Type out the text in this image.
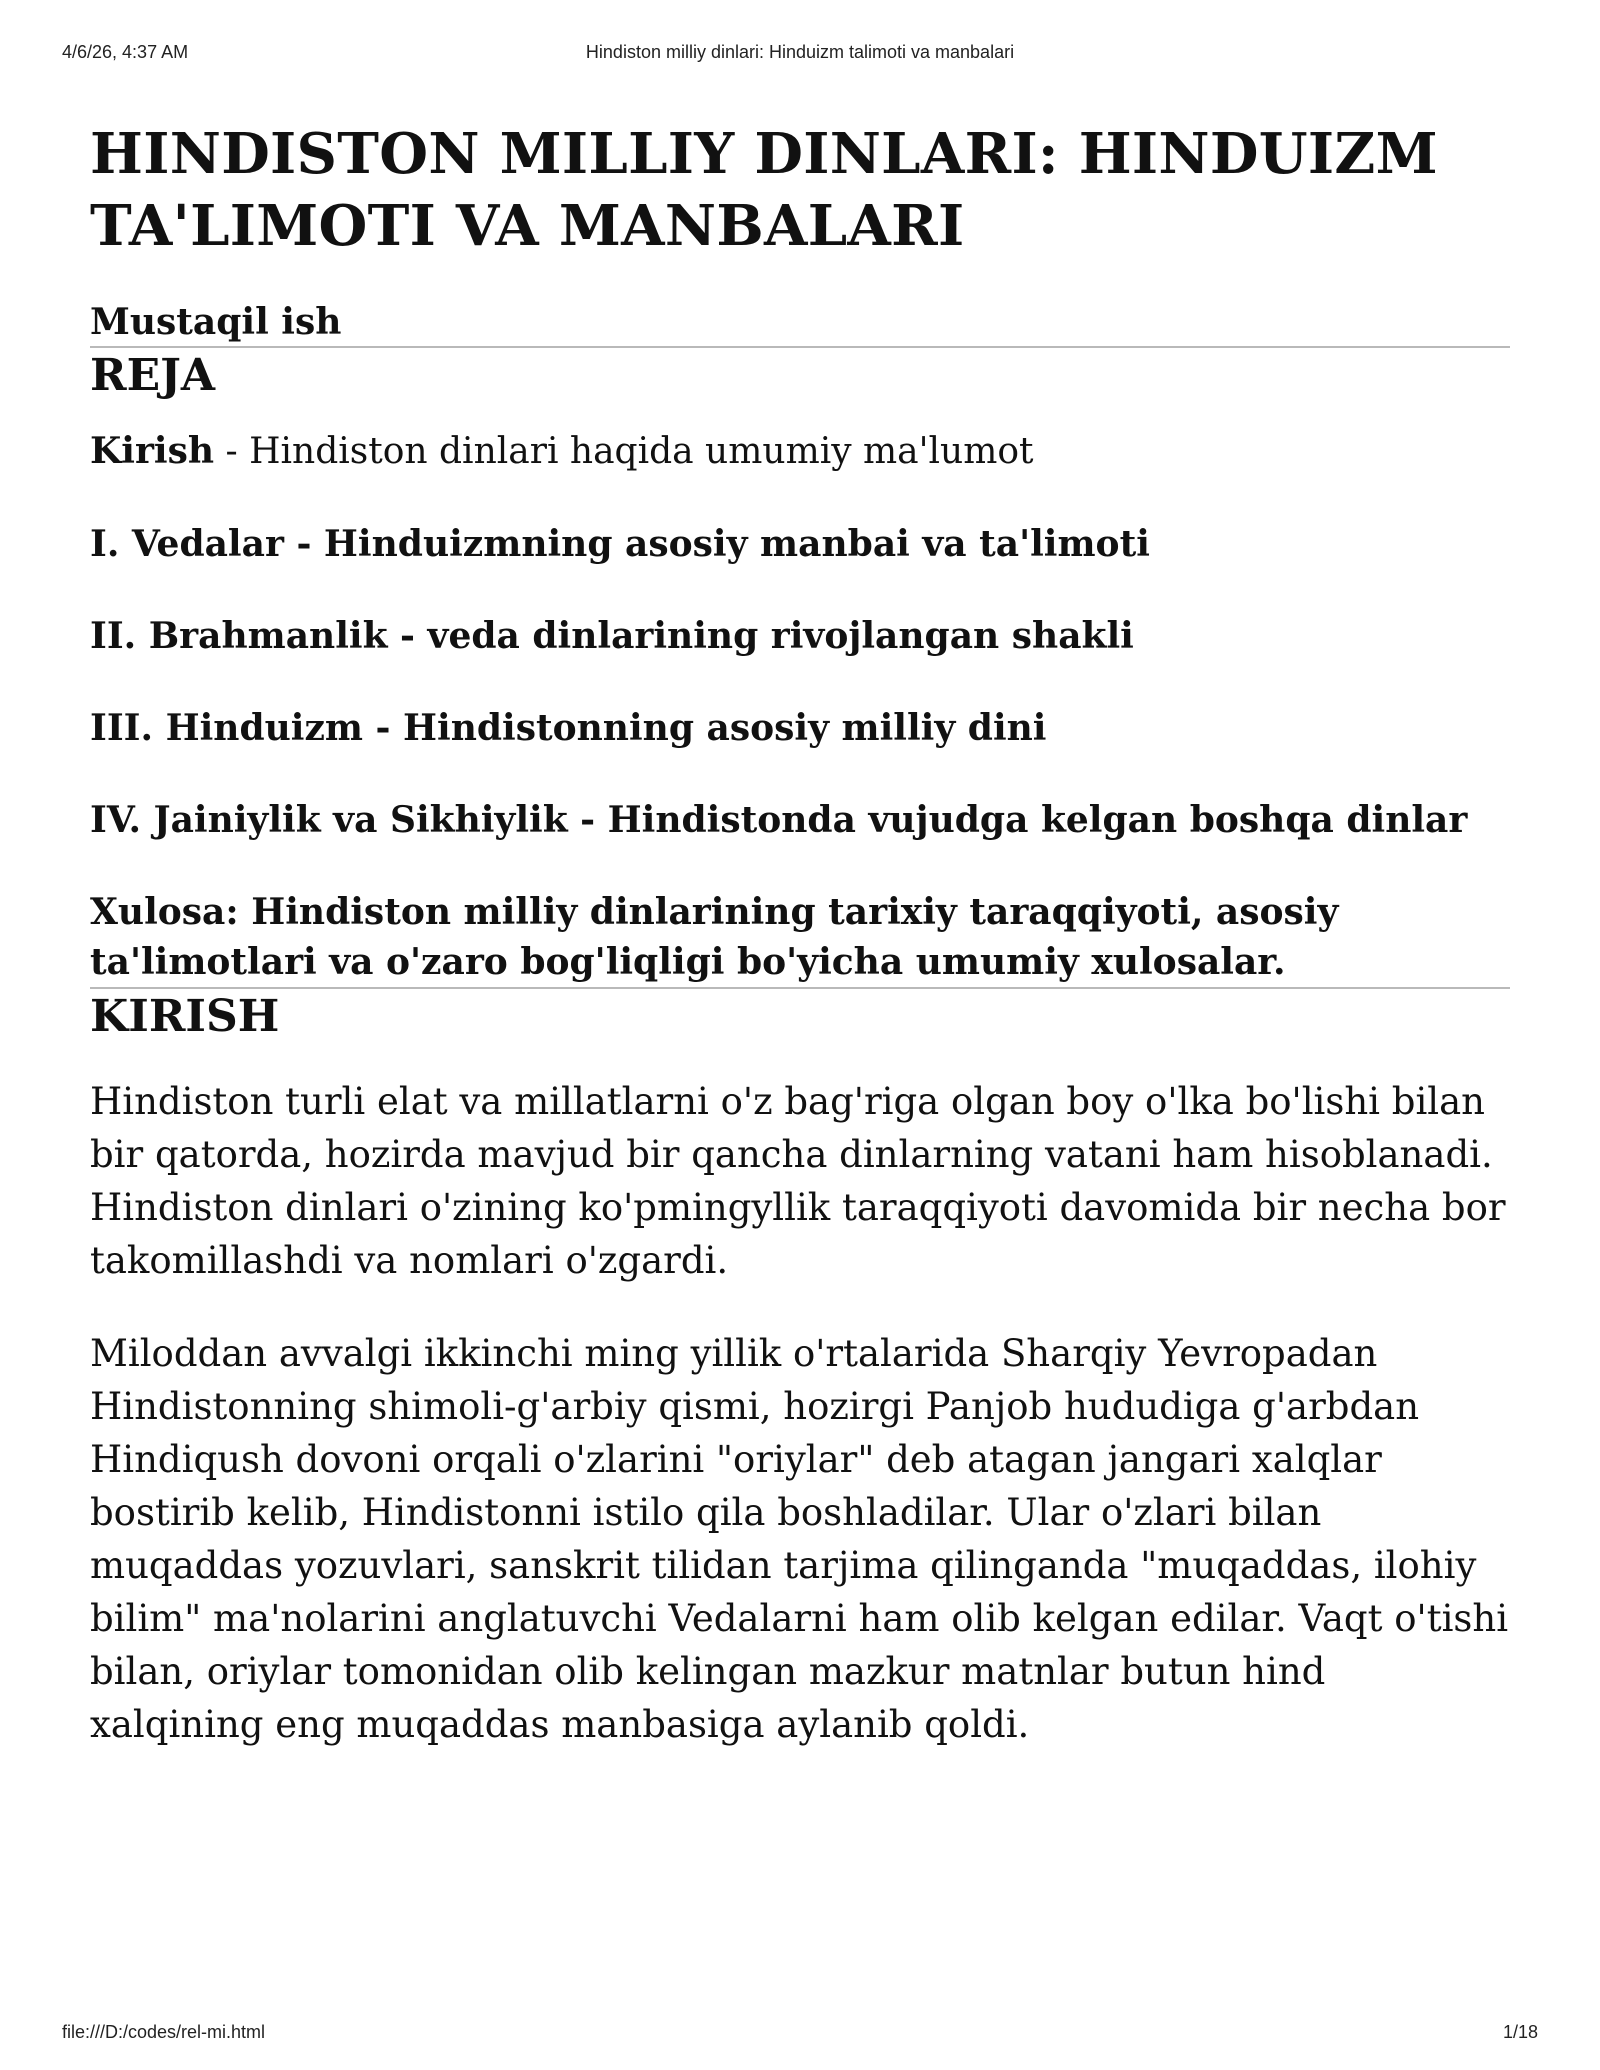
4/6/26, 4:37 AM	Hindiston milliy dinlari: Hinduizm talimoti va manbalari
HINDISTON MILLIY DINLARI: HINDUIZM TA'LIMOTI VA MANBALARI
Mustaqil ish
REJA
Kirish - Hindiston dinlari haqida umumiy ma'lumot
I. Vedalar - Hinduizmning asosiy manbai va ta'limoti
II. Brahmanlik - veda dinlarining rivojlangan shakli
III. Hinduizm - Hindistonning asosiy milliy dini
IV. Jainiylik va Sikhiylik - Hindistonda vujudga kelgan boshqa dinlar
Xulosa: Hindiston milliy dinlarining tarixiy taraqqiyoti, asosiy ta'limotlari va o'zaro bog'liqligi bo'yicha umumiy xulosalar.
KIRISH

Hindiston turli elat va millatlarni o'z bag'riga olgan boy o'lka bo'lishi bilan bir qatorda, hozirda mavjud bir qancha dinlarning vatani ham hisoblanadi. Hindiston dinlari o'zining ko'pmingyllik taraqqiyoti davomida bir necha bor takomillashdi va nomlari o'zgardi.

Miloddan avvalgi ikkinchi ming yillik o'rtalarida Sharqiy Yevropadan Hindistonning shimoli-g'arbiy qismi, hozirgi Panjob hududiga g'arbdan Hindiqush dovoni orqali o'zlarini "oriylar" deb atagan jangari xalqlar bostirib kelib, Hindistonni istilo qila boshladilar. Ular o'zlari bilan muqaddas yozuvlari, sanskrit tilidan tarjima qilinganda "muqaddas, ilohiy bilim" ma'nolarini anglatuvchi Vedalarni ham olib kelgan edilar. Vaqt o'tishi bilan, oriylar tomonidan olib kelingan mazkur matnlar butun hind xalqining eng muqaddas manbasiga aylanib qoldi.

file:///D:/codes/rel-mi.html	1/18
